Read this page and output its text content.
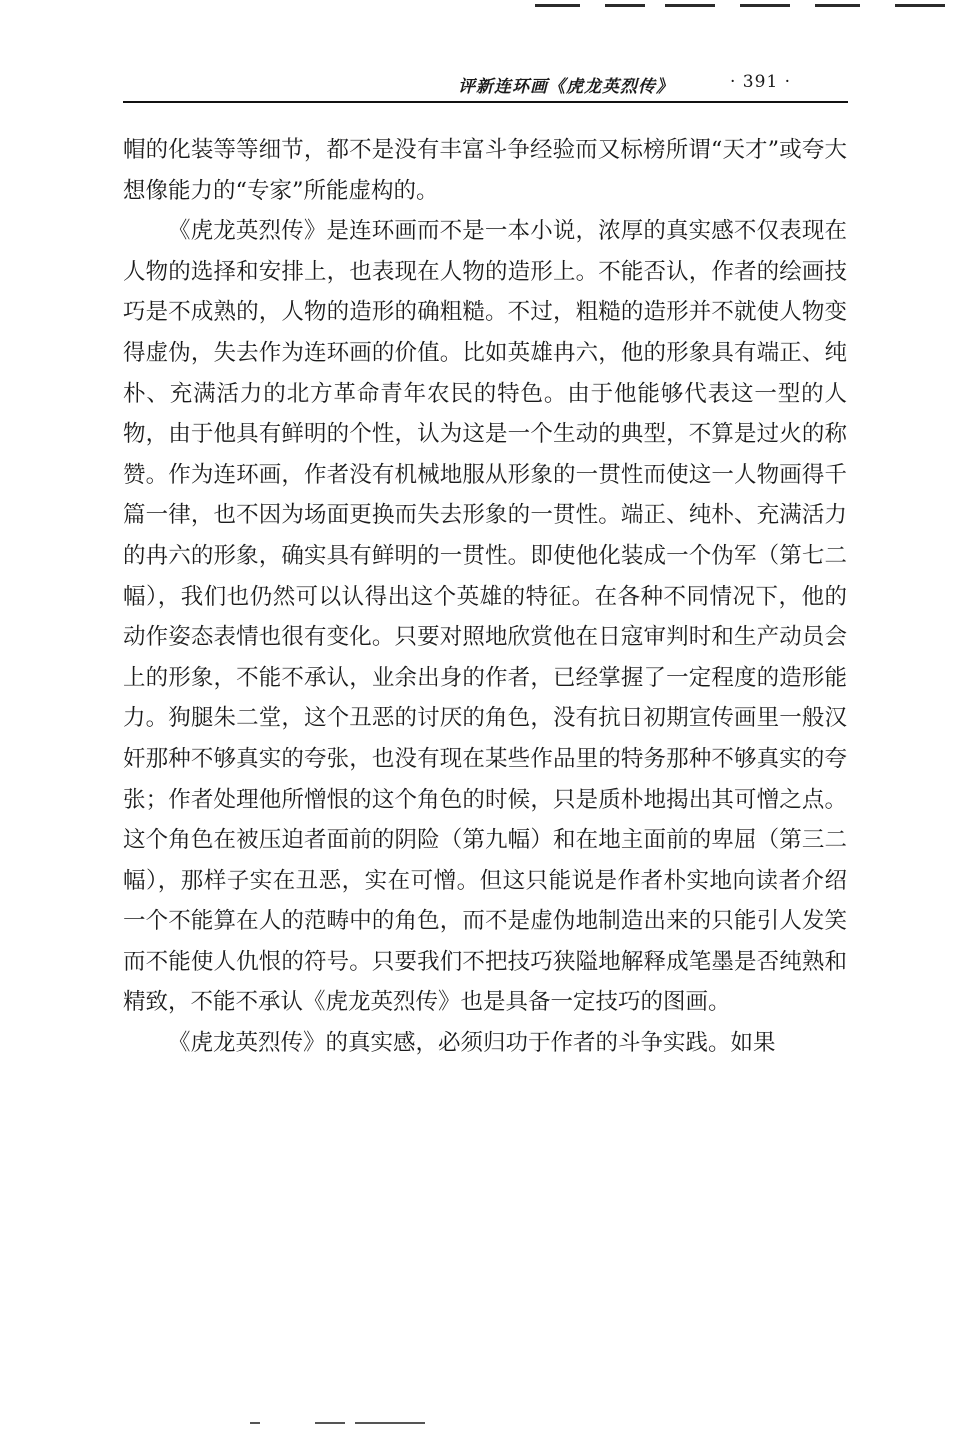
评新连环画《虎龙英烈传》	· 391 ·

帽的化装等等细节，都不是没有丰富斗争经验而又标榜所谓“天才”或夸大想像能力的“专家”所能虚构的。

《虎龙英烈传》是连环画而不是一本小说，浓厚的真实感不仅表现在人物的选择和安排上，也表现在人物的造形上。不能否认，作者的绘画技巧是不成熟的，人物的造形的确粗糙。不过，粗糙的造形并不就使人物变得虚伪，失去作为连环画的价值。比如英雄冉六，他的形象具有端正、纯朴、充满活力的北方革命青年农民的特色。由于他能够代表这一型的人物，由于他具有鲜明的个性，认为这是一个生动的典型，不算是过火的称赞。作为连环画，作者没有机械地服从形象的一贯性而使这一人物画得千篇一律，也不因为场面更换而失去形象的一贯性。端正、纯朴、充满活力的冉六的形象，确实具有鲜明的一贯性。即使他化装成一个伪军（第七二幅），我们也仍然可以认得出这个英雄的特征。在各种不同情况下，他的动作姿态表情也很有变化。只要对照地欣赏他在日寇审判时和生产动员会上的形象，不能不承认，业余出身的作者，已经掌握了一定程度的造形能力。狗腿朱二堂，这个丑恶的讨厌的角色，没有抗日初期宣传画里一般汉奸那种不够真实的夸张，也没有现在某些作品里的特务那种不够真实的夸张；作者处理他所憎恨的这个角色的时候，只是质朴地揭出其可憎之点。这个角色在被压迫者面前的阴险（第九幅）和在地主面前的卑屈（第三二幅），那样子实在丑恶，实在可憎。但这只能说是作者朴实地向读者介绍一个不能算在人的范畴中的角色，而不是虚伪地制造出来的只能引人发笑而不能使人仇恨的符号。只要我们不把技巧狭隘地解释成笔墨是否纯熟和精致，不能不承认《虎龙英烈传》也是具备一定技巧的图画。

《虎龙英烈传》的真实感，必须归功于作者的斗争实践。如果
